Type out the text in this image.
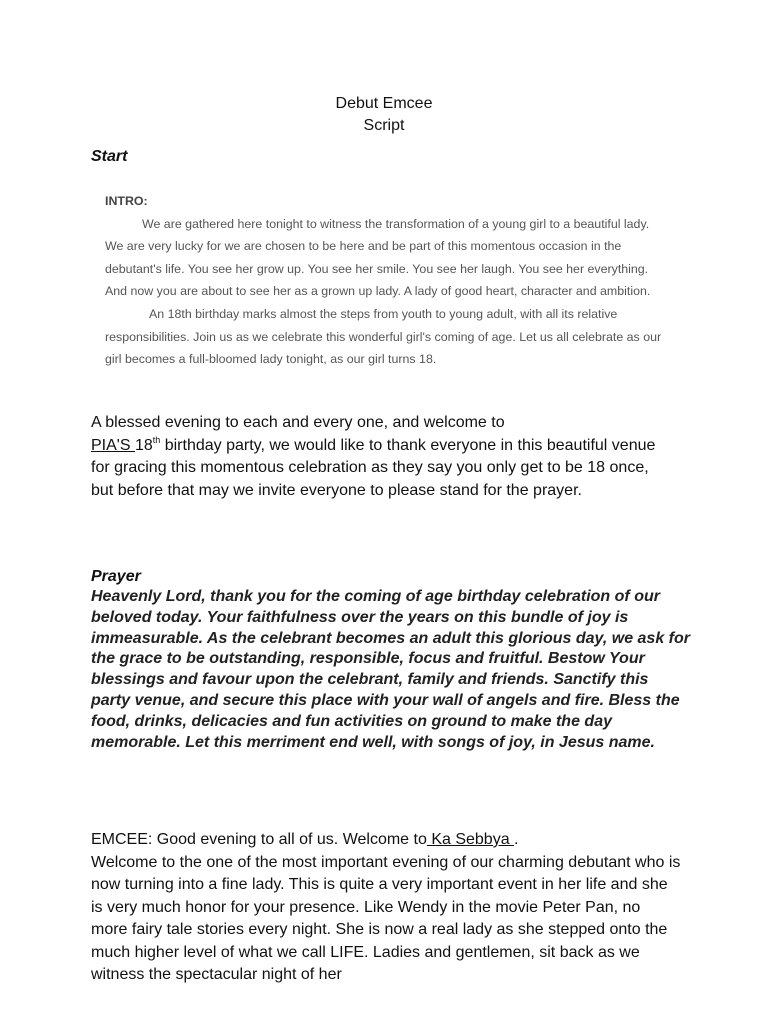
Debut Emcee
Script
Start

INTRO:

We are gathered here tonight to witness the transformation of a young girl to a beautiful lady. We are very lucky for we are chosen to be here and be part of this momentous occasion in the debutant's life. You see her grow up. You see her smile. You see her laugh. You see her everything. And now you are about to see her as a grown up lady. A lady of good heart, character and ambition.

An 18th birthday marks almost the steps from youth to young adult, with all its relative responsibilities. Join us as we celebrate this wonderful girl's coming of age. Let us all celebrate as our girl becomes a full-bloomed lady tonight, as our girl turns 18.

A blessed evening to each and every one, and welcome to
PIA'S 18th birthday party, we would like to thank everyone in this beautiful venue for gracing this momentous celebration as they say you only get to be 18 once, but before that may we invite everyone to please stand for the prayer.
Prayer
Heavenly Lord, thank you for the coming of age birthday celebration of our beloved today. Your faithfulness over the years on this bundle of joy is immeasurable. As the celebrant becomes an adult this glorious day, we ask for the grace to be outstanding, responsible, focus and fruitful. Bestow Your blessings and favour upon the celebrant, family and friends. Sanctify this party venue, and secure this place with your wall of angels and fire. Bless the food, drinks, delicacies and fun activities on ground to make the day memorable. Let this merriment end well, with songs of joy, in Jesus name.
EMCEE: Good evening to all of us. Welcome to Ka Sebbya .
Welcome to the one of the most important evening of our charming debutant who is now turning into a fine lady. This is quite a very important event in her life and she is very much honor for your presence. Like Wendy in the movie Peter Pan, no more fairy tale stories every night. She is now a real lady as she stepped onto the much higher level of what we call LIFE. Ladies and gentlemen, sit back as we witness the spectacular night of her
